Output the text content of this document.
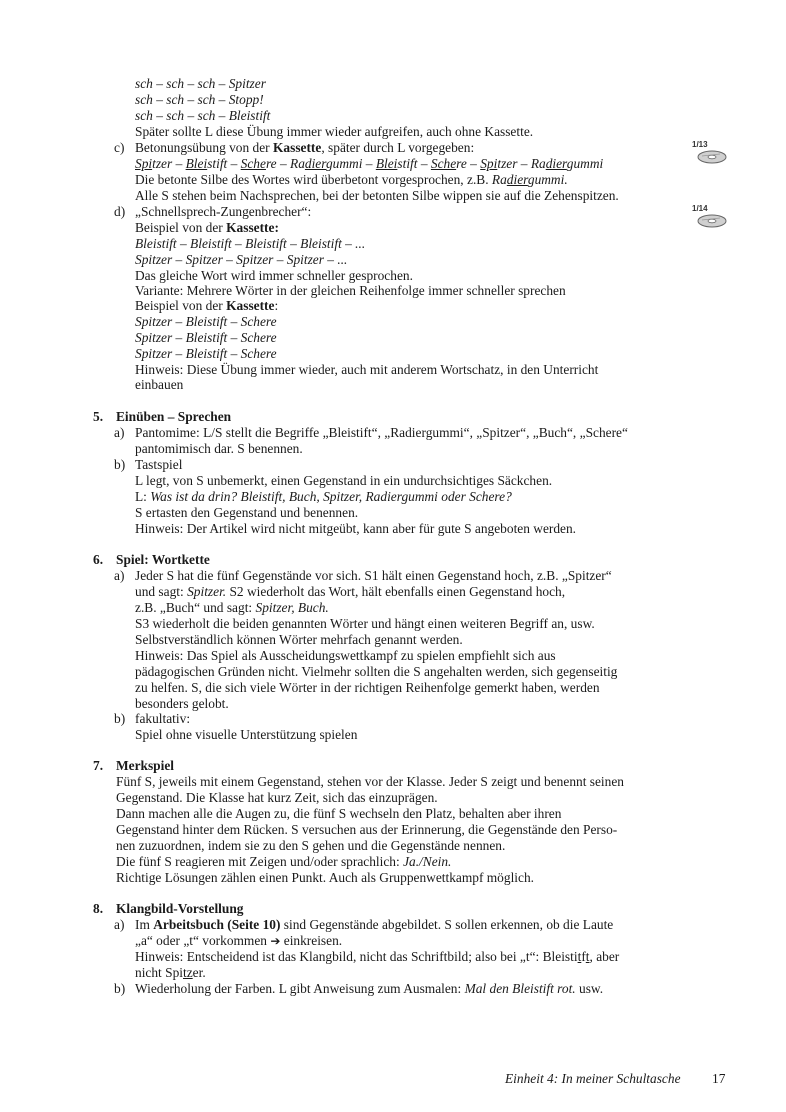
sch – sch – sch – Spitzer
sch – sch – sch – Stopp!
sch – sch – sch – Bleistift
Später sollte L diese Übung immer wieder aufgreifen, auch ohne Kassette.
c) Betonungsübung von der Kassette, später durch L vorgegeben:
Spitzer – Bleistift – Schere – Radiergummi – Bleistift – Schere – Spitzer – Radiergummi
Die betonte Silbe des Wortes wird überbetont vorgesprochen, z.B. Radiergummi.
Alle S stehen beim Nachsprechen, bei der betonten Silbe wippen sie auf die Zehenspitzen.
1/13
d) „Schnellsprech-Zungenbrecher“:
Beispiel von der Kassette:
Bleistift – Bleistift – Bleistift – Bleistift – ...
Spitzer – Spitzer – Spitzer – Spitzer – ...
Das gleiche Wort wird immer schneller gesprochen.
Variante: Mehrere Wörter in der gleichen Reihenfolge immer schneller sprechen
Beispiel von der Kassette:
Spitzer – Bleistift – Schere
Spitzer – Bleistift – Schere
Spitzer – Bleistift – Schere
Hinweis: Diese Übung immer wieder, auch mit anderem Wortschatz, in den Unterricht
einbauen
1/14
5. Einüben – Sprechen
a) Pantomime: L/S stellt die Begriffe „Bleistift“, „Radiergummi“, „Spitzer“, „Buch“, „Schere“
pantomimisch dar. S benennen.
b) Tastspiel
L legt, von S unbemerkt, einen Gegenstand in ein undurchsichtiges Säckchen.
L: Was ist da drin? Bleistift, Buch, Spitzer, Radiergummi oder Schere?
S ertasten den Gegenstand und benennen.
Hinweis: Der Artikel wird nicht mitgeübt, kann aber für gute S angeboten werden.
6. Spiel: Wortkette
a) Jeder S hat die fünf Gegenstände vor sich. S1 hält einen Gegenstand hoch, z.B. „Spitzer“
und sagt: Spitzer. S2 wiederholt das Wort, hält ebenfalls einen Gegenstand hoch,
z.B. „Buch“ und sagt: Spitzer, Buch.
S3 wiederholt die beiden genannten Wörter und hängt einen weiteren Begriff an, usw.
Selbstverständlich können Wörter mehrfach genannt werden.
Hinweis: Das Spiel als Ausscheidungswettkampf zu spielen empfiehlt sich aus
pädagogischen Gründen nicht. Vielmehr sollten die S angehalten werden, sich gegenseitig
zu helfen. S, die sich viele Wörter in der richtigen Reihenfolge gemerkt haben, werden
besonders gelobt.
b) fakultativ:
Spiel ohne visuelle Unterstützung spielen
7. Merkspiel
Fünf S, jeweils mit einem Gegenstand, stehen vor der Klasse. Jeder S zeigt und benennt seinen
Gegenstand. Die Klasse hat kurz Zeit, sich das einzuprägen.
Dann machen alle die Augen zu, die fünf S wechseln den Platz, behalten aber ihren
Gegenstand hinter dem Rücken. S versuchen aus der Erinnerung, die Gegenstände den Perso-
nen zuzuordnen, indem sie zu den S gehen und die Gegenstände nennen.
Die fünf S reagieren mit Zeigen und/oder sprachlich: Ja./Nein.
Richtige Lösungen zählen einen Punkt. Auch als Gruppenwettkampf möglich.
8. Klangbild-Vorstellung
a) Im Arbeitsbuch (Seite 10) sind Gegenstände abgebildet. S sollen erkennen, ob die Laute
„a“ oder „t“ vorkommen ➔ einkreisen.
Hinweis: Entscheidend ist das Klangbild, nicht das Schriftbild; also bei „t“: Bleistitft, aber
nicht Spitzer.
b) Wiederholung der Farben. L gibt Anweisung zum Ausmalen: Mal den Bleistift rot. usw.
Einheit 4: In meiner Schultasche 17
